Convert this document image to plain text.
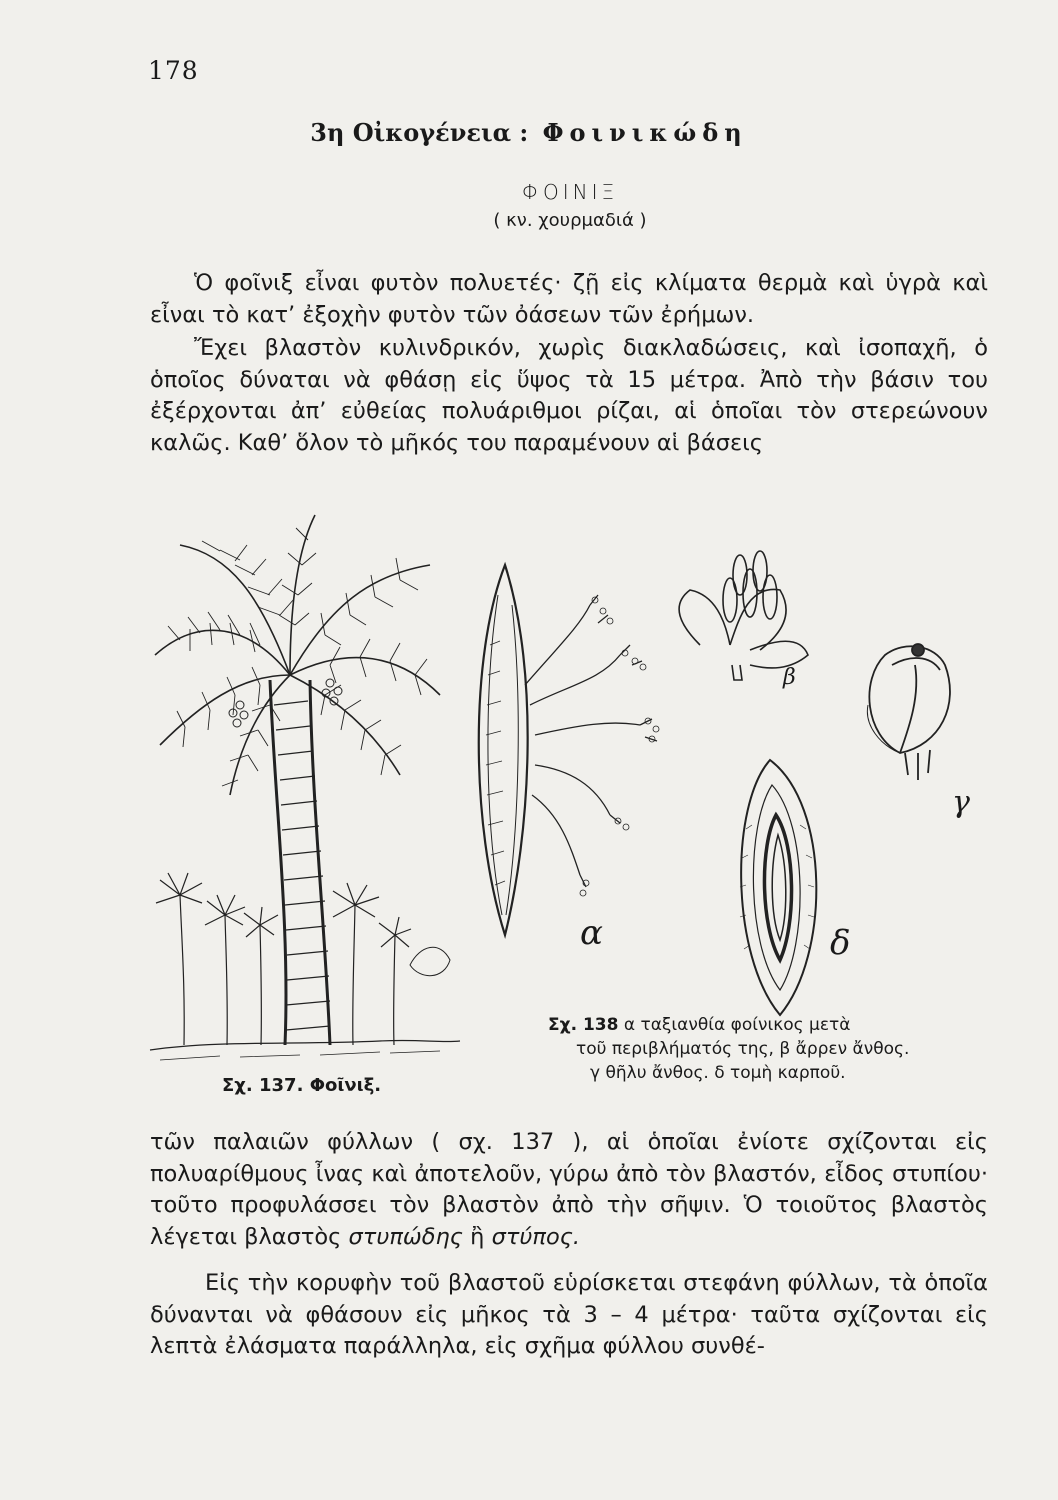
178
3η Οἰκογένεια : Φοινικώδη
ΦΟΙΝΙΞ
( κν. χουρμαδιά )
Ὁ φοῖνιξ εἶναι φυτὸν πολυετές· ζῇ εἰς κλίματα θερμὰ καὶ ὑγρὰ καὶ εἶναι τὸ κατ’ ἐξοχὴν φυτὸν τῶν ὀάσεων τῶν ἐρήμων.
Ἔχει βλαστὸν κυλινδρικόν, χωρὶς διακλαδώσεις, καὶ ἰσοπαχῆ, ὁ ὁποῖος δύναται νὰ φθάσῃ εἰς ὕψος τὰ 15 μέτρα. Ἀπὸ τὴν βάσιν του ἐξέρχονται ἀπ’ εὐθείας πολυάριθμοι ρίζαι, αἱ ὁποῖαι τὸν στερεώνουν καλῶς. Καθ’ ὅλον τὸ μῆκός του παραμένουν αἱ βάσεις
β
γ
α	δ
Σχ. 138 α ταξιανθία φοίνικος μετὰ
τοῦ περιβλήματός της, β ἄρρεν ἄνθος.
γ θῆλυ ἄνθος. δ τομὴ καρποῦ.
Σχ. 137. Φοῖνιξ.
τῶν παλαιῶν φύλλων ( σχ. 137 ), αἱ ὁποῖαι ἐνίοτε σχίζονται εἰς πολυαρίθμους ἶνας καὶ ἀποτελοῦν, γύρω ἀπὸ τὸν βλαστόν, εἶδος στυπίου· τοῦτο προφυλάσσει τὸν βλαστὸν ἀπὸ τὴν σῆψιν. Ὁ τοιοῦτος βλαστὸς λέγεται βλαστὸς στυπώδης ἢ στύπος.
Εἰς τὴν κορυφὴν τοῦ βλαστοῦ εὑρίσκεται στεφάνη φύλλων, τὰ ὁποῖα δύνανται νὰ φθάσουν εἰς μῆκος τὰ 3 – 4 μέτρα· ταῦτα σχίζονται εἰς λεπτὰ ἐλάσματα παράλληλα, εἰς σχῆμα φύλλου συνθέ-
